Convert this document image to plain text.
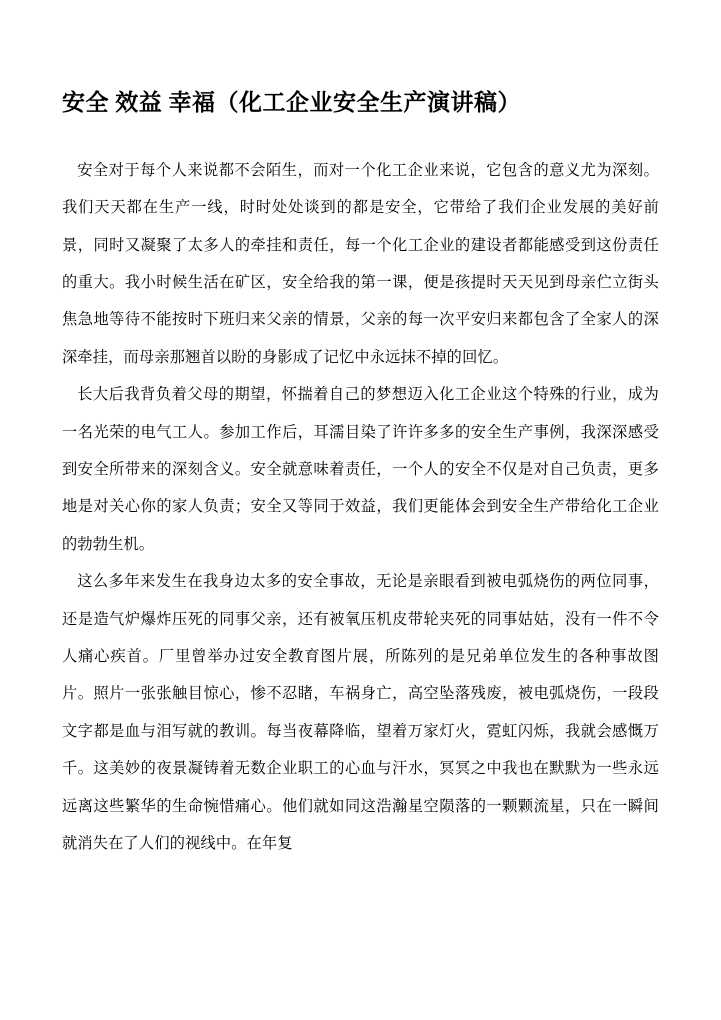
安全 效益 幸福（化工企业安全生产演讲稿）

安全对于每个人来说都不会陌生，而对一个化工企业来说，它包含的意义尤为深刻。我们天天都在生产一线，时时处处谈到的都是安全，它带给了我们企业发展的美好前景，同时又凝聚了太多人的牵挂和责任，每一个化工企业的建设者都能感受到这份责任的重大。我小时候生活在矿区，安全给我的第一课，便是孩提时天天见到母亲伫立街头焦急地等待不能按时下班归来父亲的情景，父亲的每一次平安归来都包含了全家人的深深牵挂，而母亲那翘首以盼的身影成了记忆中永远抹不掉的回忆。

长大后我背负着父母的期望，怀揣着自己的梦想迈入化工企业这个特殊的行业，成为一名光荣的电气工人。参加工作后，耳濡目染了许许多多的安全生产事例，我深深感受到安全所带来的深刻含义。安全就意味着责任，一个人的安全不仅是对自己负责，更多地是对关心你的家人负责；安全又等同于效益，我们更能体会到安全生产带给化工企业的勃勃生机。

这么多年来发生在我身边太多的安全事故，无论是亲眼看到被电弧烧伤的两位同事，还是造气炉爆炸压死的同事父亲，还有被氧压机皮带轮夹死的同事姑姑，没有一件不令人痛心疾首。厂里曾举办过安全教育图片展，所陈列的是兄弟单位发生的各种事故图片。照片一张张触目惊心，惨不忍睹，车祸身亡，高空坠落残废，被电弧烧伤，一段段文字都是血与泪写就的教训。每当夜幕降临，望着万家灯火，霓虹闪烁，我就会感慨万千。这美妙的夜景凝铸着无数企业职工的心血与汗水，冥冥之中我也在默默为一些永远远离这些繁华的生命惋惜痛心。他们就如同这浩瀚星空陨落的一颗颗流星，只在一瞬间就消失在了人们的视线中。在年复
